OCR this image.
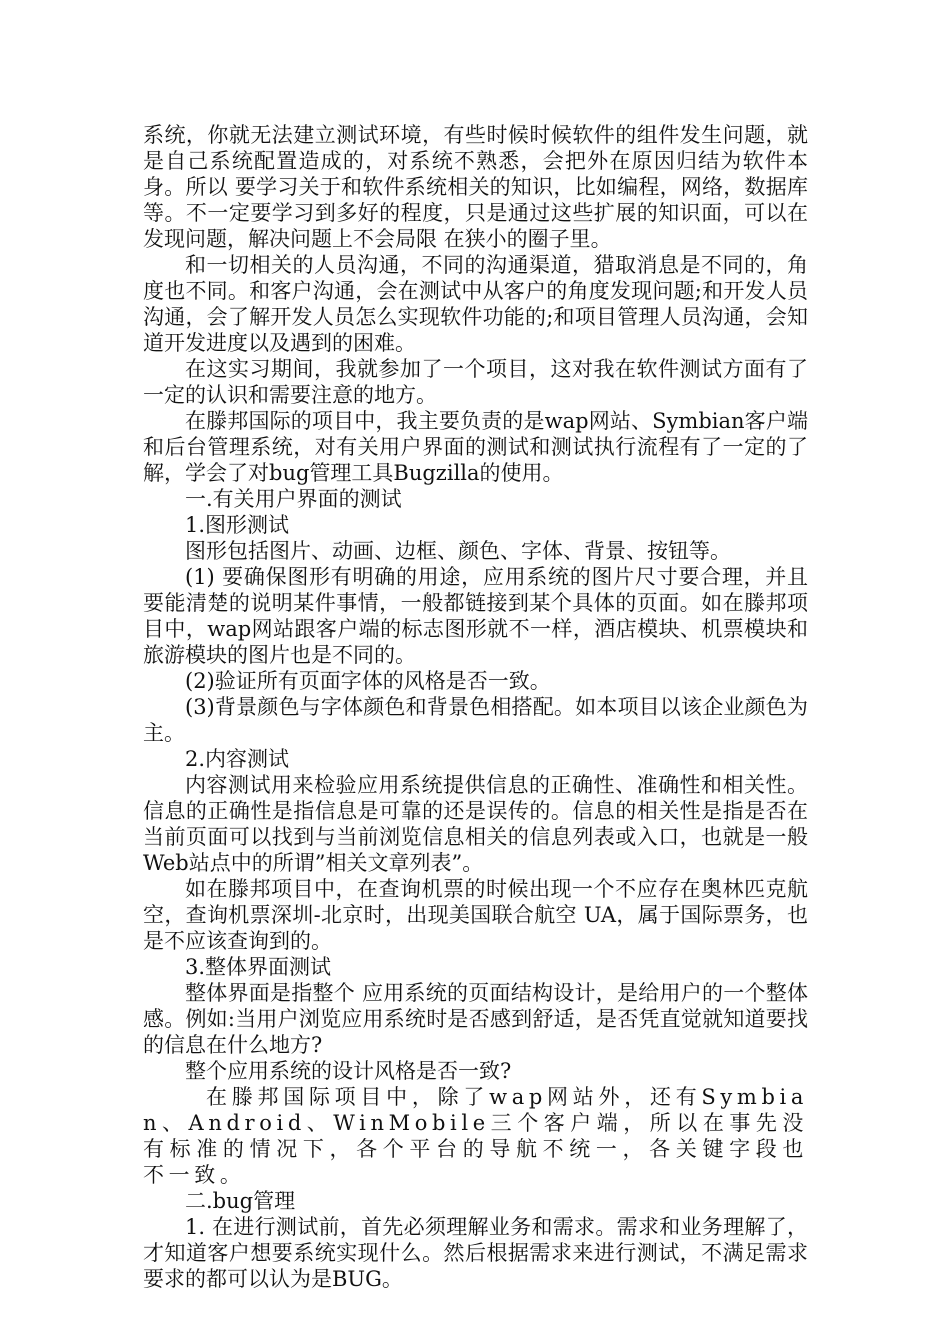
系统，你就无法建立测试环境，有些时候时候软件的组件发生问题，就是自己系统配置造成的，对系统不熟悉，会把外在原因归结为软件本身。所以 要学习关于和软件系统相关的知识，比如编程，网络，数据库等。不一定要学习到多好的程度，只是通过这些扩展的知识面，可以在发现问题，解决问题上不会局限 在狭小的圈子里。

和一切相关的人员沟通，不同的沟通渠道，猎取消息是不同的，角度也不同。和客户沟通，会在测试中从客户的角度发现问题;和开发人员沟通，会了解开发人员怎么实现软件功能的;和项目管理人员沟通，会知道开发进度以及遇到的困难。

在这实习期间，我就参加了一个项目，这对我在软件测试方面有了一定的认识和需要注意的地方。

在滕邦国际的项目中，我主要负责的是wap网站、Symbian客户端和后台管理系统，对有关用户界面的测试和测试执行流程有了一定的了解，学会了对bug管理工具Bugzilla的使用。

一.有关用户界面的测试

1.图形测试

图形包括图片、动画、边框、颜色、字体、背景、按钮等。

(1) 要确保图形有明确的用途，应用系统的图片尺寸要合理，并且要能清楚的说明某件事情，一般都链接到某个具体的页面。如在滕邦项目中，wap网站跟客户端的标志图形就不一样，酒店模块、机票模块和旅游模块的图片也是不同的。

(2)验证所有页面字体的风格是否一致。

(3)背景颜色与字体颜色和背景色相搭配。如本项目以该企业颜色为主。

2.内容测试

内容测试用来检验应用系统提供信息的正确性、准确性和相关性。信息的正确性是指信息是可靠的还是误传的。信息的相关性是指是否在当前页面可以找到与当前浏览信息相关的信息列表或入口，也就是一般Web站点中的所谓”相关文章列表”。

如在滕邦项目中，在查询机票的时候出现一个不应存在奥林匹克航空，查询机票深圳-北京时，出现美国联合航空 UA，属于国际票务，也是不应该查询到的。

3.整体界面测试

整体界面是指整个 应用系统的页面结构设计，是给用户的一个整体感。例如:当用户浏览应用系统时是否感到舒适，是否凭直觉就知道要找的信息在什么地方?

整个应用系统的设计风格是否一致?

在滕邦国际项目中，除了wap网站外，还有Symbian、Android、WinMobile三个客户端，所以在事先没有标准的情况下，各个平台的导航不统一，各关键字段也不一致。

二.bug管理

1. 在进行测试前，首先必须理解业务和需求。需求和业务理解了，才知道客户想要系统实现什么。然后根据需求来进行测试，不满足需求要求的都可以认为是BUG。
